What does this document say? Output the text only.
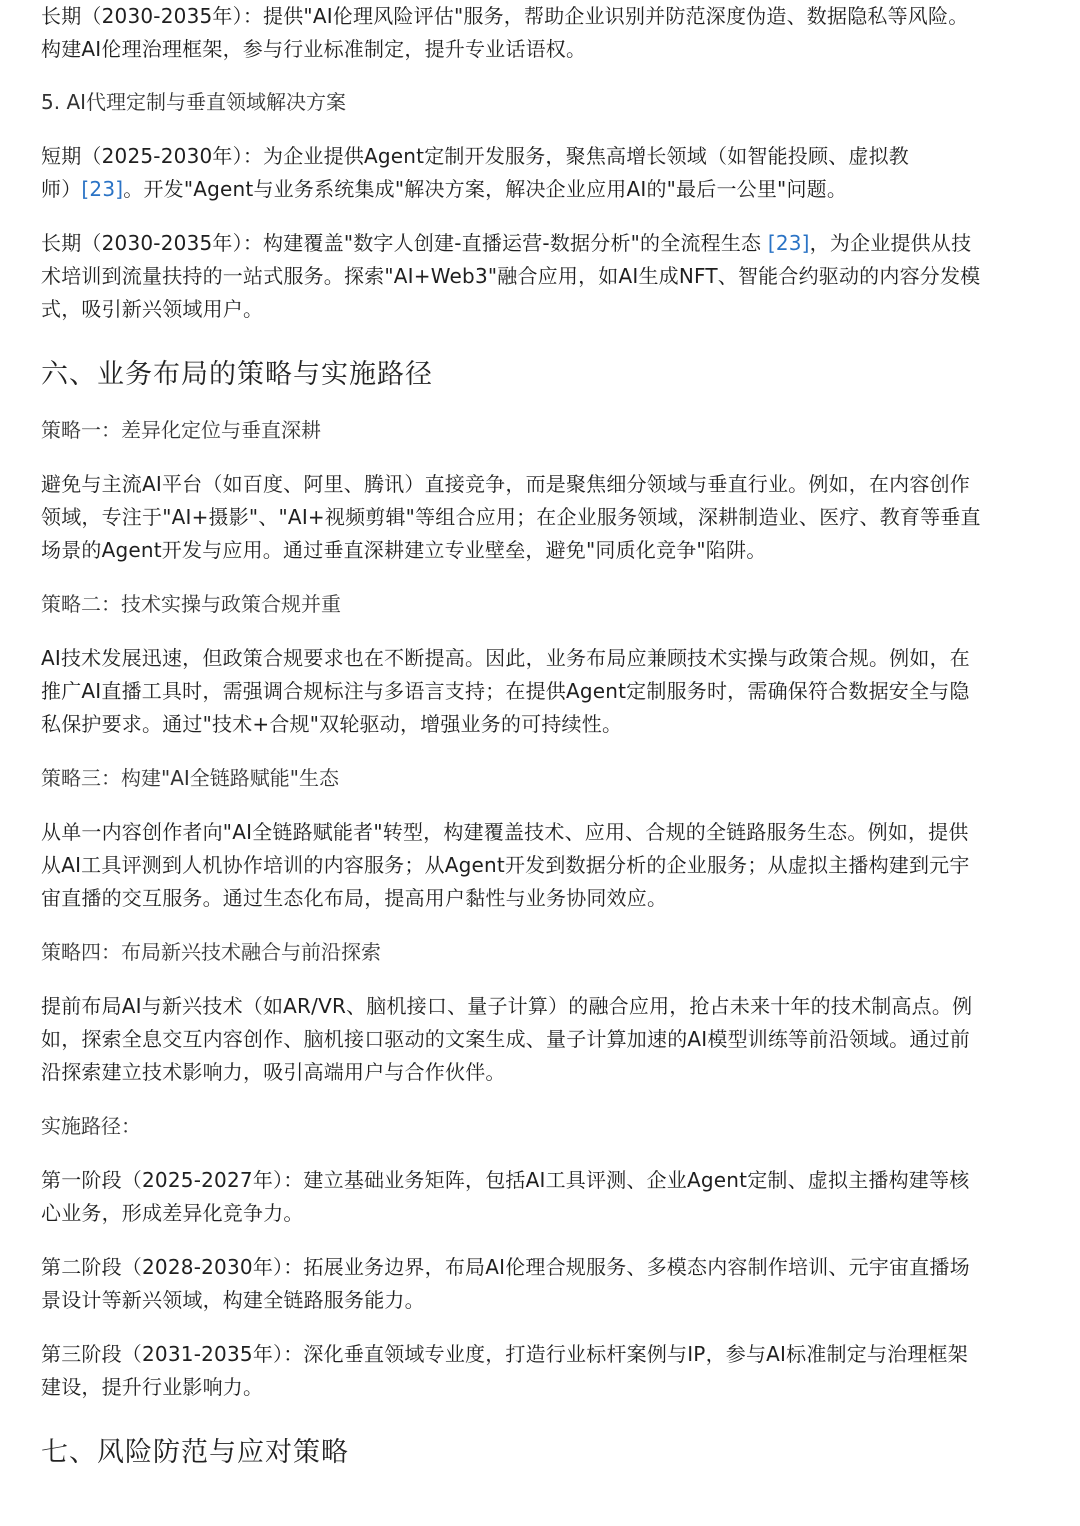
长期（2030-2035年）：提供"AI伦理风险评估"服务，帮助企业识别并防范深度伪造、数据隐私等风险。
构建AI伦理治理框架，参与行业标准制定，提升专业话语权。
5. AI代理定制与垂直领域解决方案
短期（2025-2030年）：为企业提供Agent定制开发服务，聚焦高增长领域（如智能投顾、虚拟教
师）[23]。开发"Agent与业务系统集成"解决方案，解决企业应用AI的"最后一公里"问题。
长期（2030-2035年）：构建覆盖"数字人创建-直播运营-数据分析"的全流程生态 [23]，为企业提供从技
术培训到流量扶持的一站式服务。探索"AI+Web3"融合应用，如AI生成NFT、智能合约驱动的内容分发模
式，吸引新兴领域用户。
六、业务布局的策略与实施路径
策略一：差异化定位与垂直深耕
避免与主流AI平台（如百度、阿里、腾讯）直接竞争，而是聚焦细分领域与垂直行业。例如，在内容创作
领域，专注于"AI+摄影"、"AI+视频剪辑"等组合应用；在企业服务领域，深耕制造业、医疗、教育等垂直
场景的Agent开发与应用。通过垂直深耕建立专业壁垒，避免"同质化竞争"陷阱。
策略二：技术实操与政策合规并重
AI技术发展迅速，但政策合规要求也在不断提高。因此，业务布局应兼顾技术实操与政策合规。例如，在
推广AI直播工具时，需强调合规标注与多语言支持；在提供Agent定制服务时，需确保符合数据安全与隐
私保护要求。通过"技术+合规"双轮驱动，增强业务的可持续性。
策略三：构建"AI全链路赋能"生态
从单一内容创作者向"AI全链路赋能者"转型，构建覆盖技术、应用、合规的全链路服务生态。例如，提供
从AI工具评测到人机协作培训的内容服务；从Agent开发到数据分析的企业服务；从虚拟主播构建到元宇
宙直播的交互服务。通过生态化布局，提高用户黏性与业务协同效应。
策略四：布局新兴技术融合与前沿探索
提前布局AI与新兴技术（如AR/VR、脑机接口、量子计算）的融合应用，抢占未来十年的技术制高点。例
如，探索全息交互内容创作、脑机接口驱动的文案生成、量子计算加速的AI模型训练等前沿领域。通过前
沿探索建立技术影响力，吸引高端用户与合作伙伴。
实施路径：
第一阶段（2025-2027年）：建立基础业务矩阵，包括AI工具评测、企业Agent定制、虚拟主播构建等核
心业务，形成差异化竞争力。
第二阶段（2028-2030年）：拓展业务边界，布局AI伦理合规服务、多模态内容制作培训、元宇宙直播场
景设计等新兴领域，构建全链路服务能力。
第三阶段（2031-2035年）：深化垂直领域专业度，打造行业标杆案例与IP，参与AI标准制定与治理框架
建设，提升行业影响力。
七、风险防范与应对策略
